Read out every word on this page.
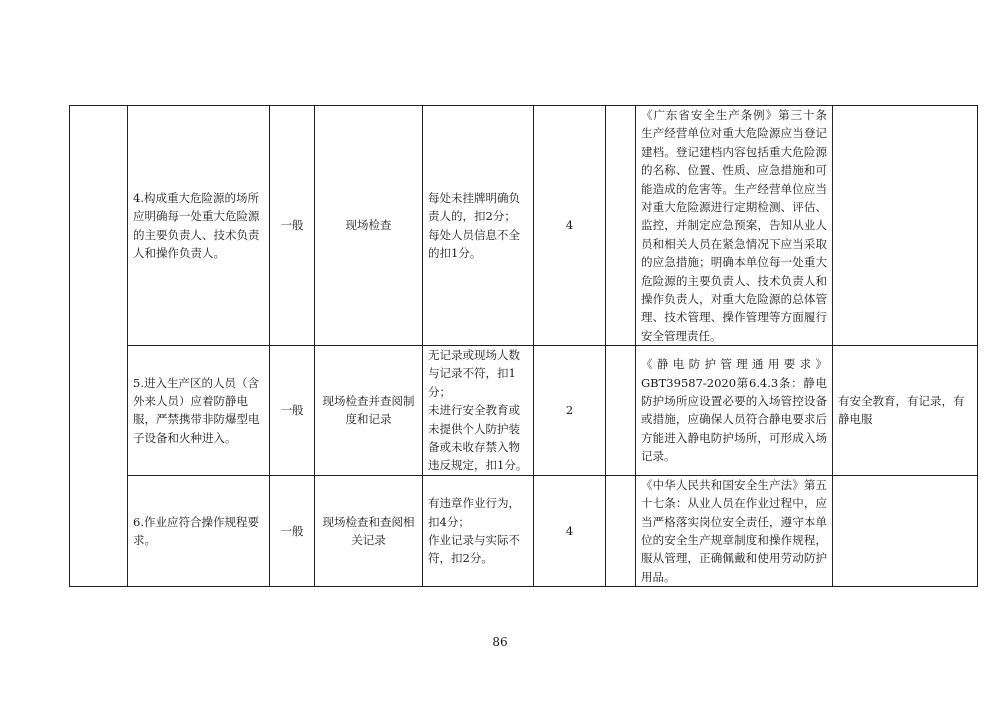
	4.构成重大危险源的场所应明确每一处重大危险源的主要负责人、技术负责人和操作负责人。	一般	现场检查	每处未挂牌明确负责人的，扣2分；
每处人员信息不全的扣1分。	4		《广东省安全生产条例》第三十条 生产经营单位对重大危险源应当登记建档。登记建档内容包括重大危险源的名称、位置、性质、应急措施和可能造成的危害等。生产经营单位应当对重大危险源进行定期检测、评估、监控，并制定应急预案，告知从业人员和相关人员在紧急情况下应当采取的应急措施；明确本单位每一处重大危险源的主要负责人、技术负责人和操作负责人，对重大危险源的总体管理、技术管理、操作管理等方面履行安全管理责任。	
	5.进入生产区的人员（含外来人员）应着防静电服，严禁携带非防爆型电子设备和火种进入。	一般	现场检查并查阅制度和记录	无记录或现场人数与记录不符，扣1分；
未进行安全教育或未提供个人防护装备或未收存禁入物违反规定，扣1分。	2		《静电防护管理通用要求》GBT39587-2020第6.4.3条：静电防护场所应设置必要的入场管控设备或措施，应确保人员符合静电要求后方能进入静电防护场所，可形成入场记录。	有安全教育，有记录，有静电服
	6.作业应符合操作规程要求。	一般	现场检查和查阅相关记录	有违章作业行为，扣4分；
作业记录与实际不符，扣2分。	4		《中华人民共和国安全生产法》第五十七条：从业人员在作业过程中，应当严格落实岗位安全责任，遵守本单位的安全生产规章制度和操作规程，服从管理，正确佩戴和使用劳动防护用品。	
86
